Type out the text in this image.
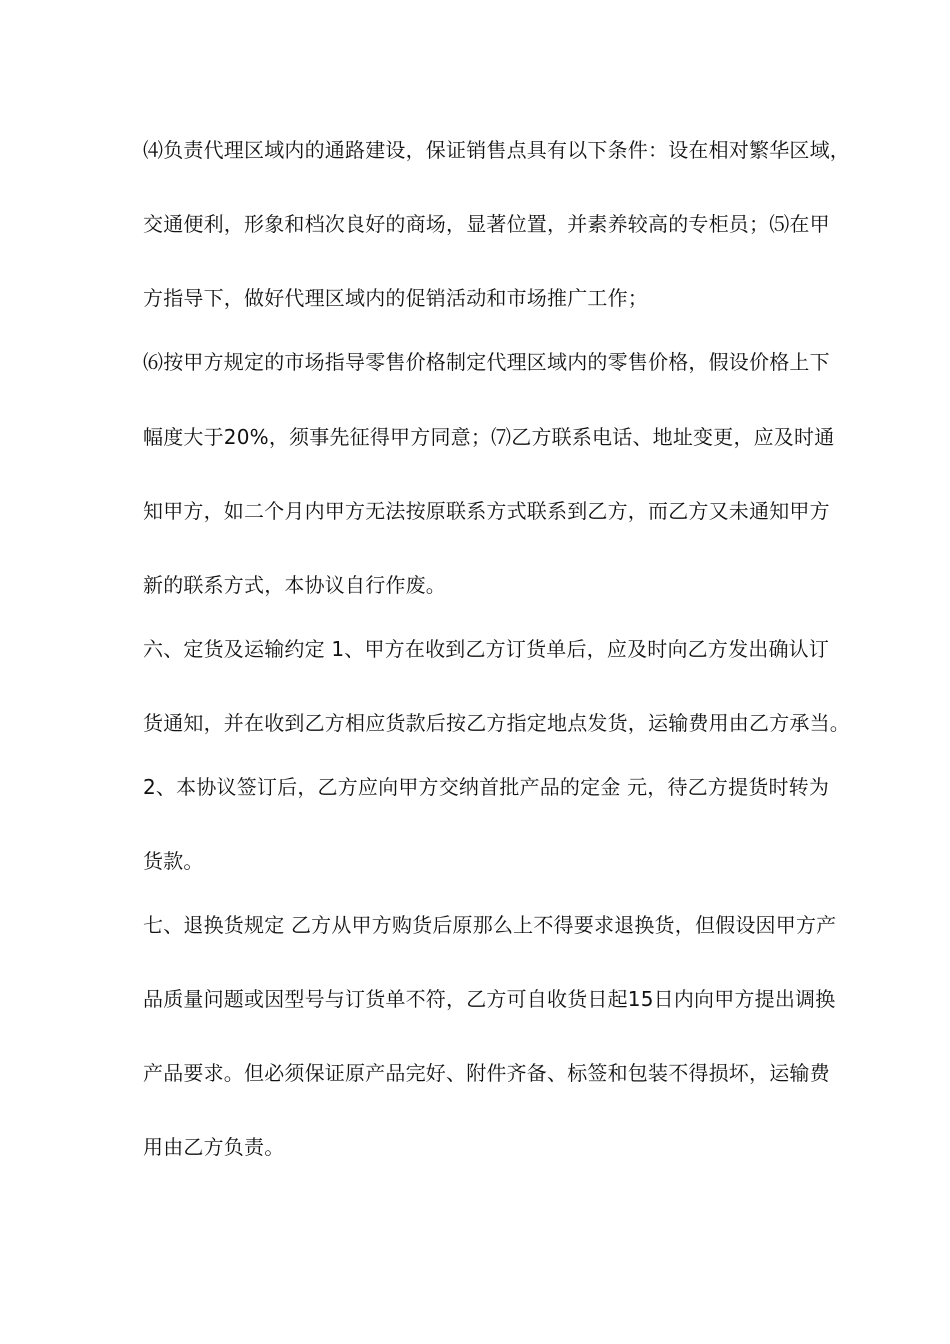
⑷负责代理区域内的通路建设，保证销售点具有以下条件：设在相对繁华区域，
交通便利，形象和档次良好的商场，显著位置，并素养较高的专柜员；⑸在甲
方指导下，做好代理区域内的促销活动和市场推广工作；
⑹按甲方规定的市场指导零售价格制定代理区域内的零售价格，假设价格上下
幅度大于20%，须事先征得甲方同意；⑺乙方联系电话、地址变更，应及时通
知甲方，如二个月内甲方无法按原联系方式联系到乙方，而乙方又未通知甲方
新的联系方式，本协议自行作废。
六、定货及运输约定 1、甲方在收到乙方订货单后，应及时向乙方发出确认订
货通知，并在收到乙方相应货款后按乙方指定地点发货，运输费用由乙方承当。
2、本协议签订后，乙方应向甲方交纳首批产品的定金 元，待乙方提货时转为
货款。
七、退换货规定 乙方从甲方购货后原那么上不得要求退换货，但假设因甲方产
品质量问题或因型号与订货单不符，乙方可自收货日起15日内向甲方提出调换
产品要求。但必须保证原产品完好、附件齐备、标签和包装不得损坏，运输费
用由乙方负责。
